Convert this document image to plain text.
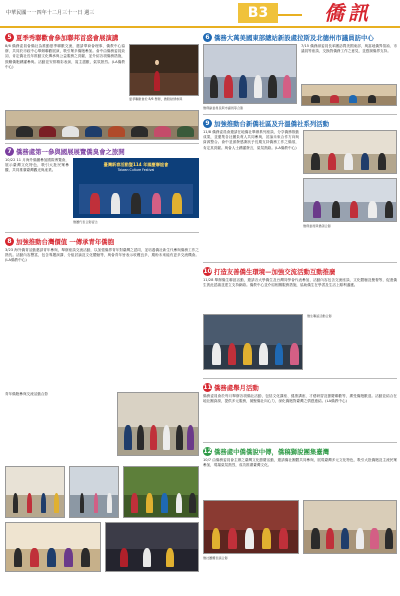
中華民國一一四年十二月三十一日 週三	B3	僑訊
5 夏季秀聯歡會參加聯邦首盛會展演講
8/6 僑務委員會僑社為推動夏季聯歡交流，邀請華商會理事、僑教中心協辦，共同於市政中心舉辦聯歡展演，吸引眾多僑胞參加。會中由僑務委員致詞，肯定僑社長年推動文化傳承與公益服務之貢獻，並介紹各項僑務措施，鼓勵僑胞踴躍參與。活動並安排精彩表演，賓主盡歡，氣氛熱烈。(LA僑教中心)
夏季聯歡會於 8/6 舉辦，僑胞熱情參與
7 僑務處第一參與國展展覽僑臭會之旅開
10/22 11 月海外僑團參加國際博覽會，展示臺灣文化特色，吸引大批民眾參觀，共同推廣臺灣觀光與產業。
臺灣新春活動暨114 年國慶聯誼會
Taiwan Culture Festival
僑團代表合影留念
8 加強推動台灣價值 一傳承青年僑胞
3/23 海外僑青活動邀請青年參與，舉辦座談交流活動，以加強僑界青年對臺灣之認同，並培養僑社新生代參與僑務工作之熱忱。活動內容豐富，包含專題演講、分組討論及文化體驗等，與會青年皆表示收穫良多，期盼未來能有更多交流機會。(LA僑教中心)
青年僑胞參與交流活動合影
6 僑務大萬美國東部總站新設處拉斯及北德州市議員訪中心
7/15 僑務副委員長率團訪問美國東部，與當地僑界領袖、市議員等座談，交換對僑務工作之意見，並感謝僑界支持。
僑務副委員長與市議員等合影
9 加強推動台新僑社區及升溫僑社系列活動
11/8 僑務委員會邀請在地僑社舉辦系列座談，分享僑務推動成果，並邀集各社團負責人共同參與，討論未來合作方向與資源整合。會中並頒發感謝狀予長期支持僑務工作之僑領，肯定其貢獻。與會人士踴躍發言，氣氛熱絡。(LA僑教中心)
僑務委員與僑領合影
10 打造友善僑生環境—加強交流活動互動推廣
11/28 舉辦僑生聯誼活動，邀請各大學僑生及台灣同學會代表參加，活動內容包含交流座談、文化體驗及聚餐等，促進僑生彼此認識並建立支持網絡。僑教中心並介紹相關服務措施，協助僑生在學習及生活上順利適應。
僑生聯誼活動合影
11 僑務處舉月活動
僑務委員會於每月舉辦各項僑社活動，包括文化講座、健康講座、才藝研習及節慶聯歡等，廣受僑胞歡迎。活動並結合在地社團資源，提供多元服務，凝聚僑社向心力，深化僑胞對臺灣之情感連結。(LA僑教中心)
12 僑務處中僑僑說中傳，僑稿獅說團集臺灣
10/7 由僑務委員會主辦之臺灣文化節慶活動，邀請僑社團體共同參與，展現臺灣多元文化特色，吸引大批僑胞及主流民眾參加，現場氣氛熱烈，成功推廣臺灣文化。
僑社團體表演合影
